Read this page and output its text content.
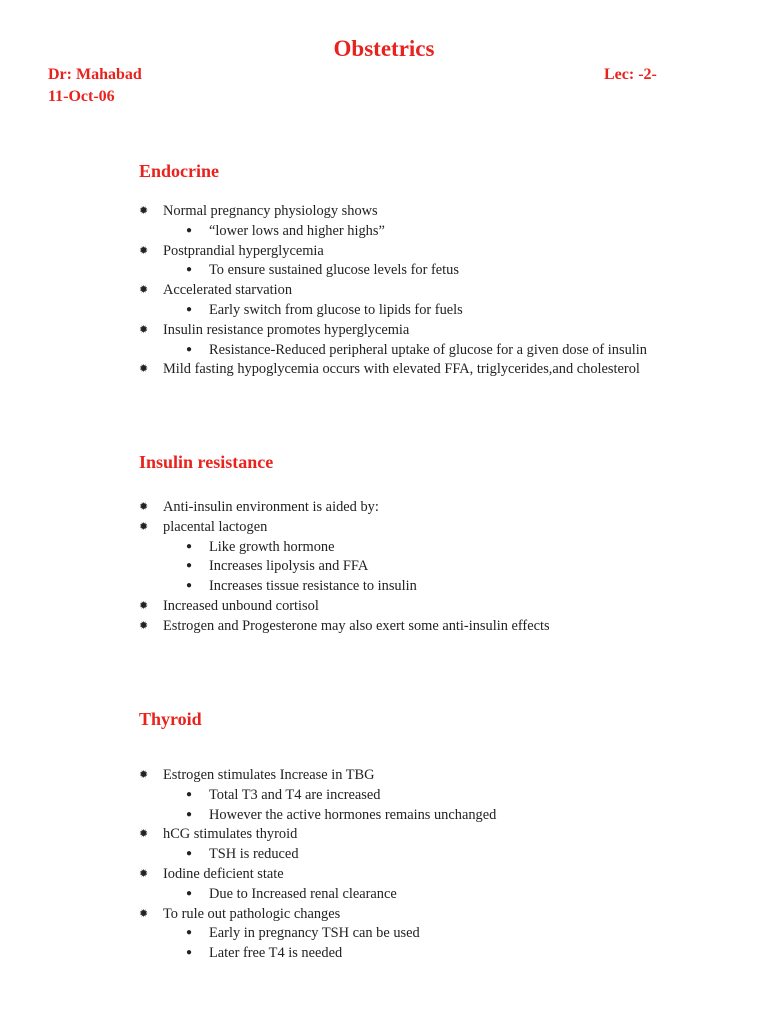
Obstetrics
Dr: Mahabad
11-Oct-06
Lec: -2-
Endocrine
✹ Normal pregnancy physiology shows
● “lower lows and higher highs”
✹ Postprandial hyperglycemia
● To ensure sustained glucose levels for fetus
✹ Accelerated starvation
● Early switch from glucose to lipids for fuels
✹ Insulin resistance promotes hyperglycemia
● Resistance-Reduced peripheral uptake of glucose for a given dose of insulin
✹ Mild fasting hypoglycemia occurs with elevated FFA, triglycerides,and cholesterol
Insulin resistance
✹ Anti-insulin environment is aided by:
✹ placental lactogen
● Like growth hormone
● Increases lipolysis and FFA
● Increases tissue resistance to insulin
✹ Increased unbound cortisol
✹ Estrogen and Progesterone may also exert some anti-insulin effects
Thyroid
✹ Estrogen stimulates Increase in TBG
● Total T3 and T4 are increased
● However the active hormones remains unchanged
✹ hCG stimulates thyroid
● TSH is reduced
✹ Iodine deficient state
● Due to Increased renal clearance
✹ To rule out pathologic changes
● Early in pregnancy TSH can be used
● Later free T4 is needed
